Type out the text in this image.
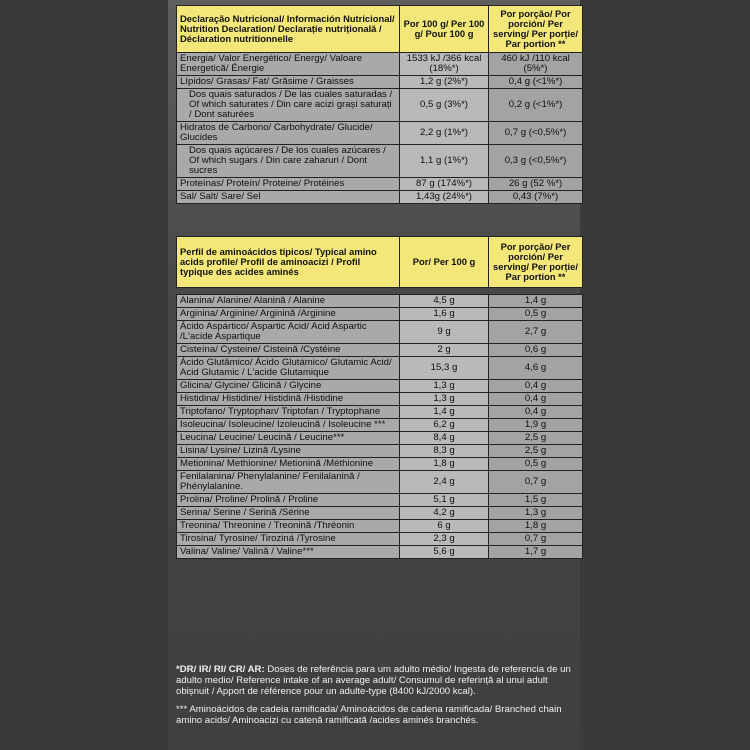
Declaração Nutricional/ Información Nutricional/ Nutrition Declaration/ Declarație nutrițională / Déclaration nutritionnelle	Por 100 g/ Per 100 g/ Pour 100 g	Por porção/ Por porción/ Per serving/ Per porție/ Par portion **
Energia/ Valor Energético/ Energy/ Valoare Energetică/ Énergie	1533 kJ /366 kcal (18%*)	460 kJ /110 kcal (5%*)
Lípidos/ Grasas/ Fat/ Grăsime / Graisses	1,2 g (2%*)	0,4 g (<1%*)
Dos quais saturados / De las cuales saturadas / Of which saturates / Din care acizi grași saturați / Dont saturées	0,5 g (3%*)	0,2 g (<1%*)
Hidratos de Carbono/ Carbohydrate/ Glucide/ Glucides	2,2 g (1%*)	0,7 g (<0,5%*)
Dos quais açúcares / De los cuales azúcares / Of which sugars / Din care zaharuri / Dont sucres	1,1 g (1%*)	0,3 g (<0,5%*)
Proteínas/ Proteín/ Proteine/ Protéines	87 g (174%*)	26 g (52 %*)
Sal/ Salt/ Sare/ Sel	1,43g (24%*)	0,43 (7%*)
Perfil de aminoácidos típicos/ Typical amino acids profile/ Profil de aminoacizi / Profil typique des acides aminés	Por/ Per 100 g	Por porção/ Per porción/ Per serving/ Per porție/ Par portion **

Alanina/ Alanine/ Alanină / Alanine	4,5 g	1,4 g
Arginina/ Arginine/ Arginină /Arginine	1,6 g	0,5 g
Ácido Aspártico/ Aspartic Acid/ Acid Aspartic /L'acide Aspartique	9 g	2,7 g
Cisteína/ Cysteine/ Cisteină /Cystéine	2 g	0,6 g
Ácido Glutâmico/ Ácido Glutámico/ Glutamic Acid/ Acid Glutamic / L'acide Glutamique	15,3 g	4,6 g
Glicina/ Glycine/ Glicină / Glycine	1,3 g	0,4 g
Histidina/ Histidine/ Histidină /Histidine	1,3 g	0,4 g
Triptofano/ Tryptophan/ Triptofan / Tryptophane	1,4 g	0,4 g
Isoleucina/ Isoleucine/ Izoleucină / Isoleucine ***	6,2 g	1,9 g
Leucina/ Leucine/ Leucină / Leucine***	8,4 g	2,5 g
Lisina/ Lysine/ Lizină /Lysine	8,3 g	2,5 g
Metionina/ Methionine/ Metionină /Méthionine	1,8 g	0,5 g
Fenilalanina/ Phenylalanine/ Fenilalanină / Phénylalanine.	2,4 g	0,7 g
Prolina/ Proline/ Prolină / Proline	5,1 g	1,5 g
Serina/ Serine / Serină /Sérine	4,2 g	1,3 g
Treonina/ Threonine / Treonină /Thréonin	6 g	1,8 g
Tirosina/ Tyrosine/ Tiroziná /Tyrosine	2,3 g	0,7 g
Valina/ Valine/ Valină / Valine***	5,6 g	1,7 g

*DR/ IR/ RI/ CR/ AR: Doses de referência para um adulto médio/ Ingesta de referencia de un adulto medio/ Reference intake of an average adult/ Consumul de referință al unui adult obișnuit / Apport de référence pour un adulte-type (8400 kJ/2000 kcal).

*** Aminoácidos de cadeia ramificada/ Aminoácidos de cadena ramificada/ Branched chain amino acids/ Aminoacizi cu catenă ramificată /acides aminés branchés.
